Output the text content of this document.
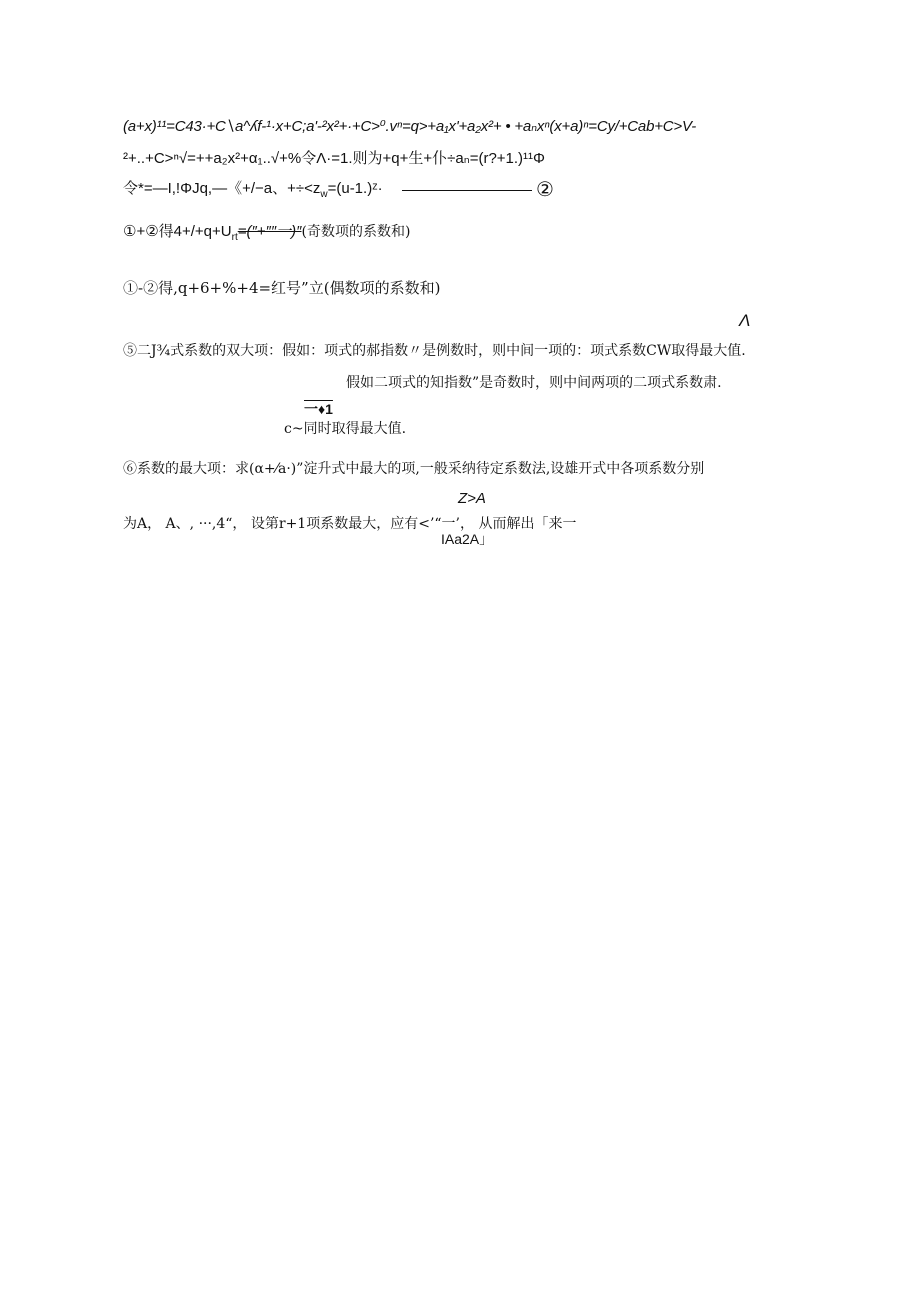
(a+x)¹¹=C43·+C∖a^ʎf-¹·x+C;a'-²x²+·+C>⁰.vⁿ=q>+a₁x'+a₂x²+ • +aₙxⁿ(x+a)ⁿ=Cy/+Cab+C>V-
²+..+C>ⁿ√=++a₂x²+α₁..√+%令Λ·=1.则为+q+生+仆÷aₙ=(r?+1.)¹¹Φ
令*=—I,!ΦJq,—《+/−a、$+\div<z_w=(u-1.)ᶻ\cdot$	②
①+②得$4+/+q+U_{rt}=(''+''''$一)″(奇数项的系数和)
①-②得,q+6+%+4=红号”立(偶数项的系数和)
Λ
⑤二J¾式系数的双大项：假如：项式的郝指数〃是例数时，则中间一项的：项式系数CW取得最大值.
假如二项式的知指数”是奇数时，则中间两项的二项式系数肃.
一♦1
c~同时取得最大值.
⑥系数的最大项：求(α+⁄a·)”淀升式中最大的项,一般采纳待定系数法,设雄开式中各项系数分别
Z>A
为A， A、, ···,4“， 设第r+1项系数最大，应有<’“一’， 从而解出「来一
IAa2A」
